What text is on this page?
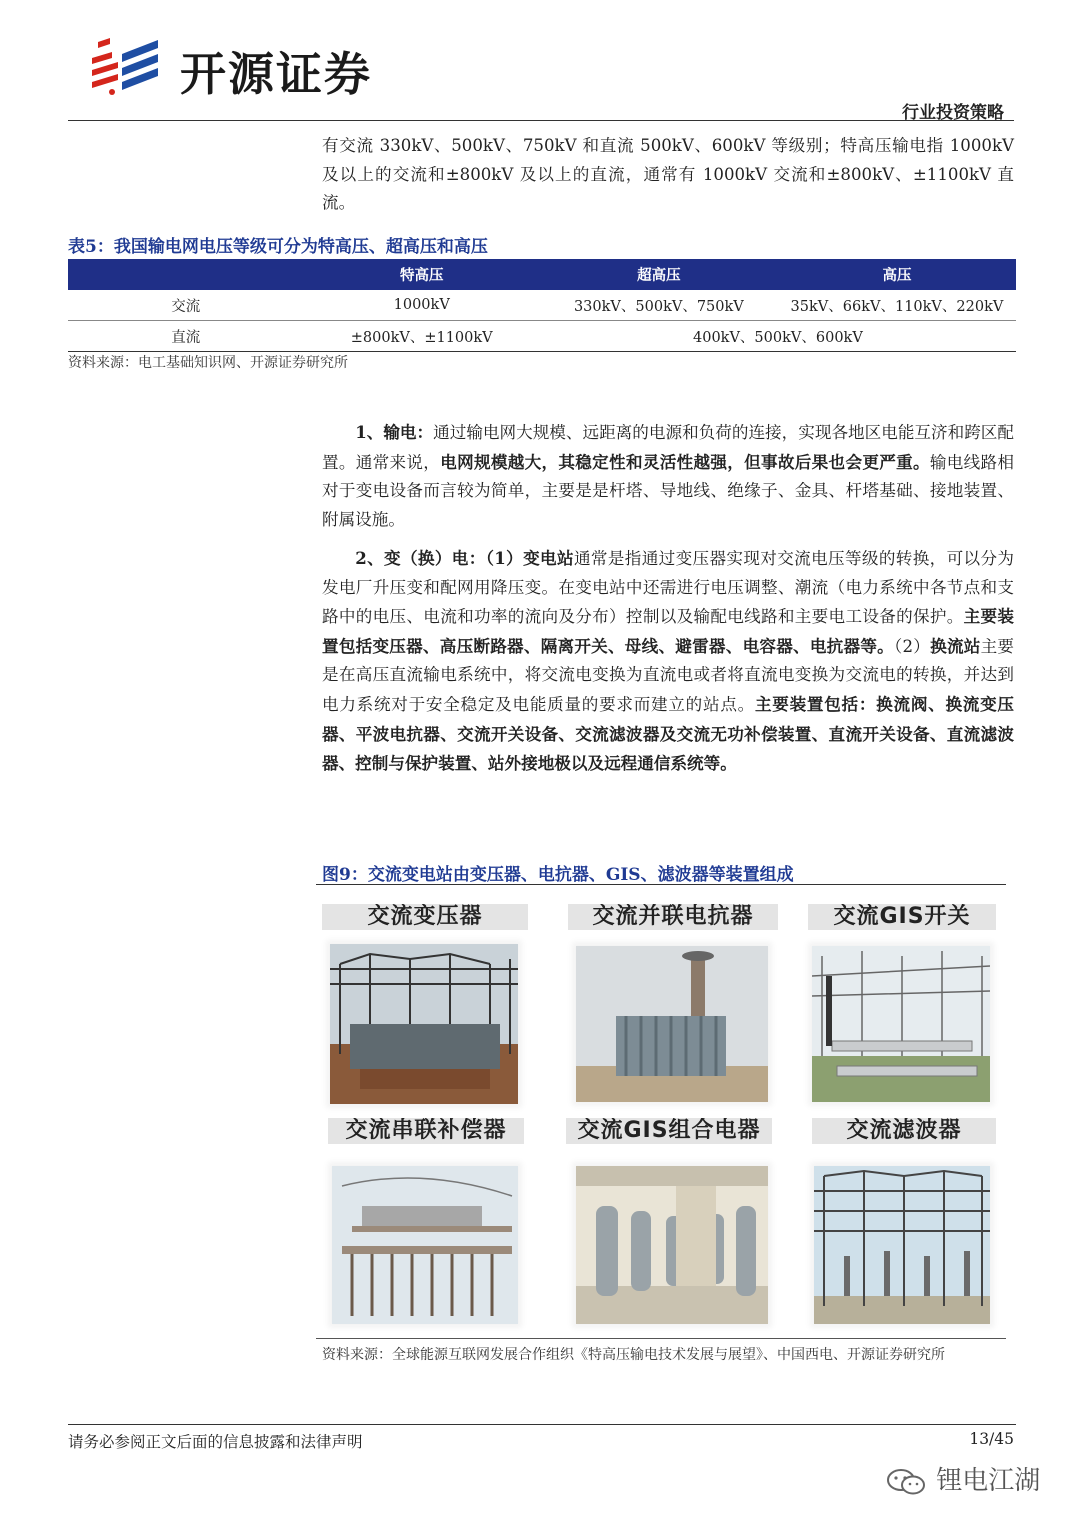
开源证券
行业投资策略
有交流 330kV、500kV、750kV 和直流 500kV、600kV 等级别；特高压输电指 1000kV 及以上的交流和±800kV 及以上的直流，通常有 1000kV 交流和±800kV、±1100kV 直流。
表5：我国输电网电压等级可分为特高压、超高压和高压
	特高压	超高压	高压
交流	1000kV	330kV、500kV、750kV	35kV、66kV、110kV、220kV
直流	±800kV、±1100kV	400kV、500kV、600kV	
资料来源：电工基础知识网、开源证券研究所
1、输电：通过输电网大规模、远距离的电源和负荷的连接，实现各地区电能互济和跨区配置。通常来说，电网规模越大，其稳定性和灵活性越强，但事故后果也会更严重。输电线路相对于变电设备而言较为简单，主要是是杆塔、导地线、绝缘子、金具、杆塔基础、接地装置、附属设施。
2、变（换）电：（1）变电站通常是指通过变压器实现对交流电压等级的转换，可以分为发电厂升压变和配网用降压变。在变电站中还需进行电压调整、潮流（电力系统中各节点和支路中的电压、电流和功率的流向及分布）控制以及输配电线路和主要电工设备的保护。主要装置包括变压器、高压断路器、隔离开关、母线、避雷器、电容器、电抗器等。（2）换流站主要是在高压直流输电系统中，将交流电变换为直流电或者将直流电变换为交流电的转换，并达到电力系统对于安全稳定及电能质量的要求而建立的站点。主要装置包括：换流阀、换流变压器、平波电抗器、交流开关设备、交流滤波器及交流无功补偿装置、直流开关设备、直流滤波器、控制与保护装置、站外接地极以及远程通信系统等。
图9：交流变电站由变压器、电抗器、GIS、滤波器等装置组成
交流变压器	交流并联电抗器	交流GIS开关
交流串联补偿器	交流GIS组合电器	交流滤波器
资料来源：全球能源互联网发展合作组织《特高压输电技术发展与展望》、中国西电、开源证券研究所
请务必参阅正文后面的信息披露和法律声明	13/45
锂电江湖
